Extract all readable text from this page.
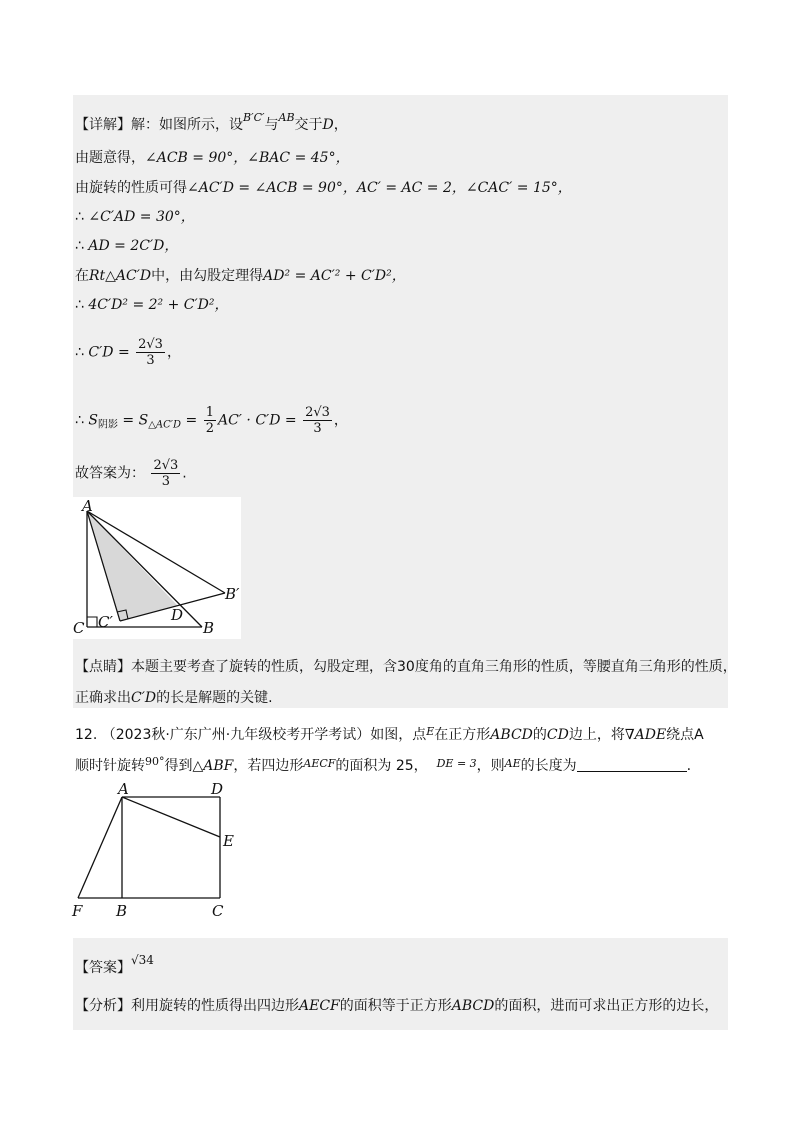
【详解】解：如图所示，设$^{B'C'}$与$^{AB}$交于D，
由题意得，∠ACB = 90°，∠BAC = 45°，
由旋转的性质可得∠AC′D = ∠ACB = 90°，AC′ = AC = 2，∠CAC′ = 15°，
∴ ∠C′AD = 30°，
∴ AD = 2C′D，
在Rt△AC′D中，由勾股定理得AD² = AC′² + C′D²，
∴ 4C′D² = 2² + C′D²，
∴ $C'D = \frac{2√3}{3}$ ，
∴ $S_{阴影} = S_{\triangle AC'D} = \frac{1}{2} AC' \cdot C'D = \frac{2√3}{3}$ ，
故答案为： $\frac{2√3}{3}$ .
A
C C′	D
B
B′
【点睛】本题主要考查了旋转的性质，勾股定理，含30度角的直角三角形的性质，等腰直角三角形的性质，
正确求出C′D的长是解题的关键.
12. （2023秋·广东广州·九年级校考开学考试）如图，点$^E$在正方形ABCD的CD边上，将∇ADE绕点A
顺时针旋转$^{90^\circ}$得到△ABF，若四边形$^{AECF}$的面积为 25， $^{DE = 3}$，则$^{AE}$的长度为	.
A	D
E
F B	C
【答案】√34
【分析】利用旋转的性质得出四边形AECF的面积等于正方形ABCD的面积，进而可求出正方形的边长，
